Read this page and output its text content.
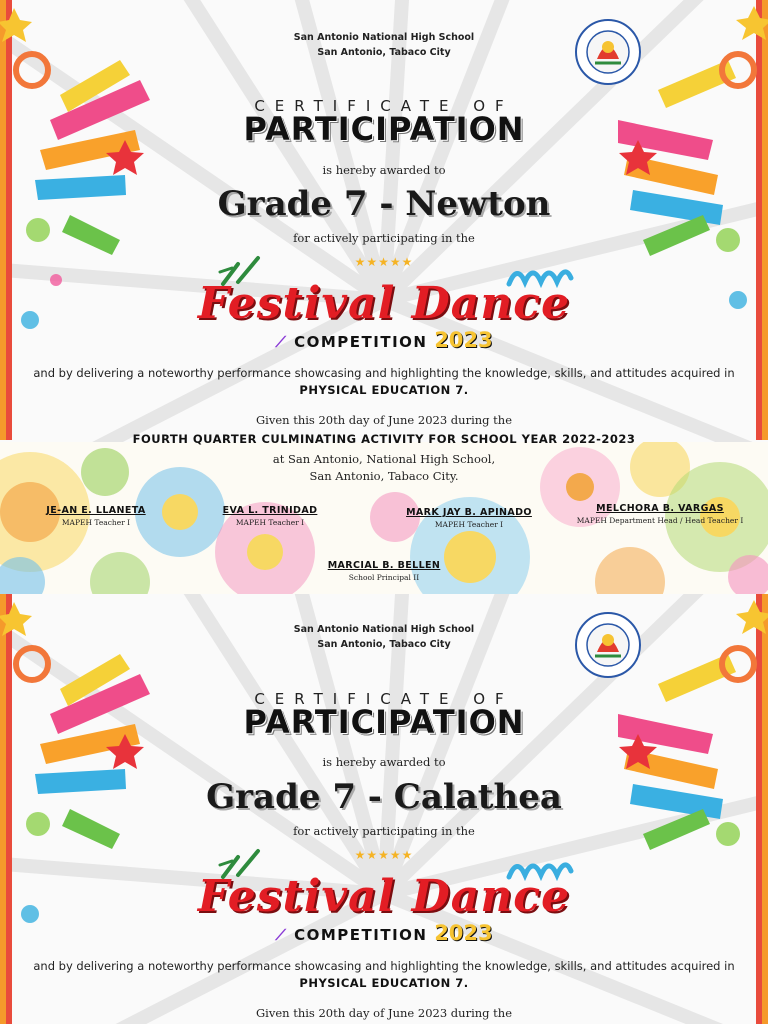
San Antonio National High School
San Antonio, Tabaco City
CERTIFICATE OF
PARTICIPATION
is hereby awarded to
Grade 7 - Newton
for actively participating in the
★★★★★
Festival Dance
⟋ COMPETITION 2023
and by delivering a noteworthy performance showcasing and highlighting the knowledge, skills, and attitudes acquired in
PHYSICAL EDUCATION 7.
Given this 20th day of June 2023 during the
FOURTH QUARTER CULMINATING ACTIVITY FOR SCHOOL YEAR 2022-2023
at San Antonio, National High School,
San Antonio, Tabaco City.
JE-AN E. LLANETA
MAPEH Teacher I
EVA L. TRINIDAD
MAPEH Teacher I
MARK JAY B. APINADO
MAPEH Teacher I
MELCHORA B. VARGAS
MAPEH Department Head / Head Teacher I
MARCIAL B. BELLEN
School Principal II
San Antonio National High School
San Antonio, Tabaco City
CERTIFICATE OF
PARTICIPATION
is hereby awarded to
Grade 7 - Calathea
for actively participating in the
★★★★★
Festival Dance
⟋ COMPETITION 2023
and by delivering a noteworthy performance showcasing and highlighting the knowledge, skills, and attitudes acquired in
PHYSICAL EDUCATION 7.
Given this 20th day of June 2023 during the
